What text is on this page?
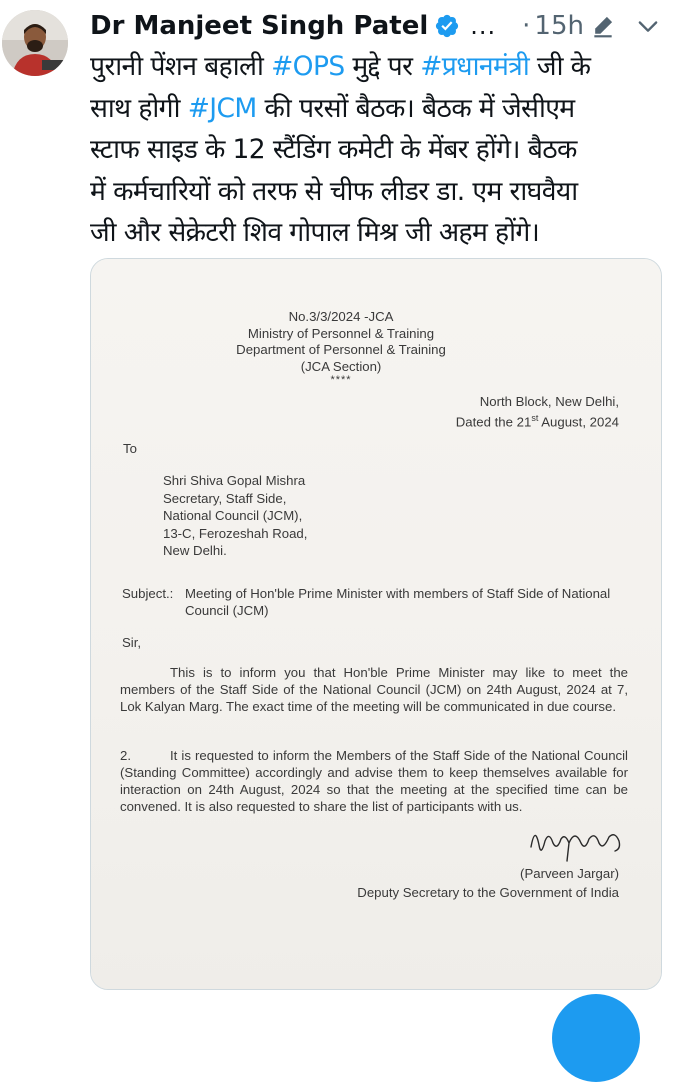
Dr Manjeet Singh Patel ... · 15h
पुरानी पेंशन बहाली #OPS मुद्दे पर #प्रधानमंत्री जी के
साथ होगी #JCM की परसों बैठक। बैठक में जेसीएम
स्टाफ साइड के 12 स्टैंडिंग कमेटी के मेंबर होंगे। बैठक
में कर्मचारियों को तरफ से चीफ लीडर डा. एम राघवैया
जी और सेक्रेटरी शिव गोपाल मिश्र जी अहम होंगे।
No.3/3/2024 -JCA
Ministry of Personnel & Training
Department of Personnel & Training
(JCA Section)
****
North Block, New Delhi,
Dated the 21st August, 2024
To
Shri Shiva Gopal Mishra
Secretary, Staff Side,
National Council (JCM),
13-C, Ferozeshah Road,
New Delhi.
Subject.: Meeting of Hon'ble Prime Minister with members of Staff Side of National Council (JCM)
Sir,
This is to inform you that Hon'ble Prime Minister may like to meet the members of the Staff Side of the National Council (JCM) on 24th August, 2024 at 7, Lok Kalyan Marg. The exact time of the meeting will be communicated in due course.
2.	It is requested to inform the Members of the Staff Side of the National Council (Standing Committee) accordingly and advise them to keep themselves available for interaction on 24th August, 2024 so that the meeting at the specified time can be convened. It is also requested to share the list of participants with us.
(Parveen Jargar)
Deputy Secretary to the Government of India
